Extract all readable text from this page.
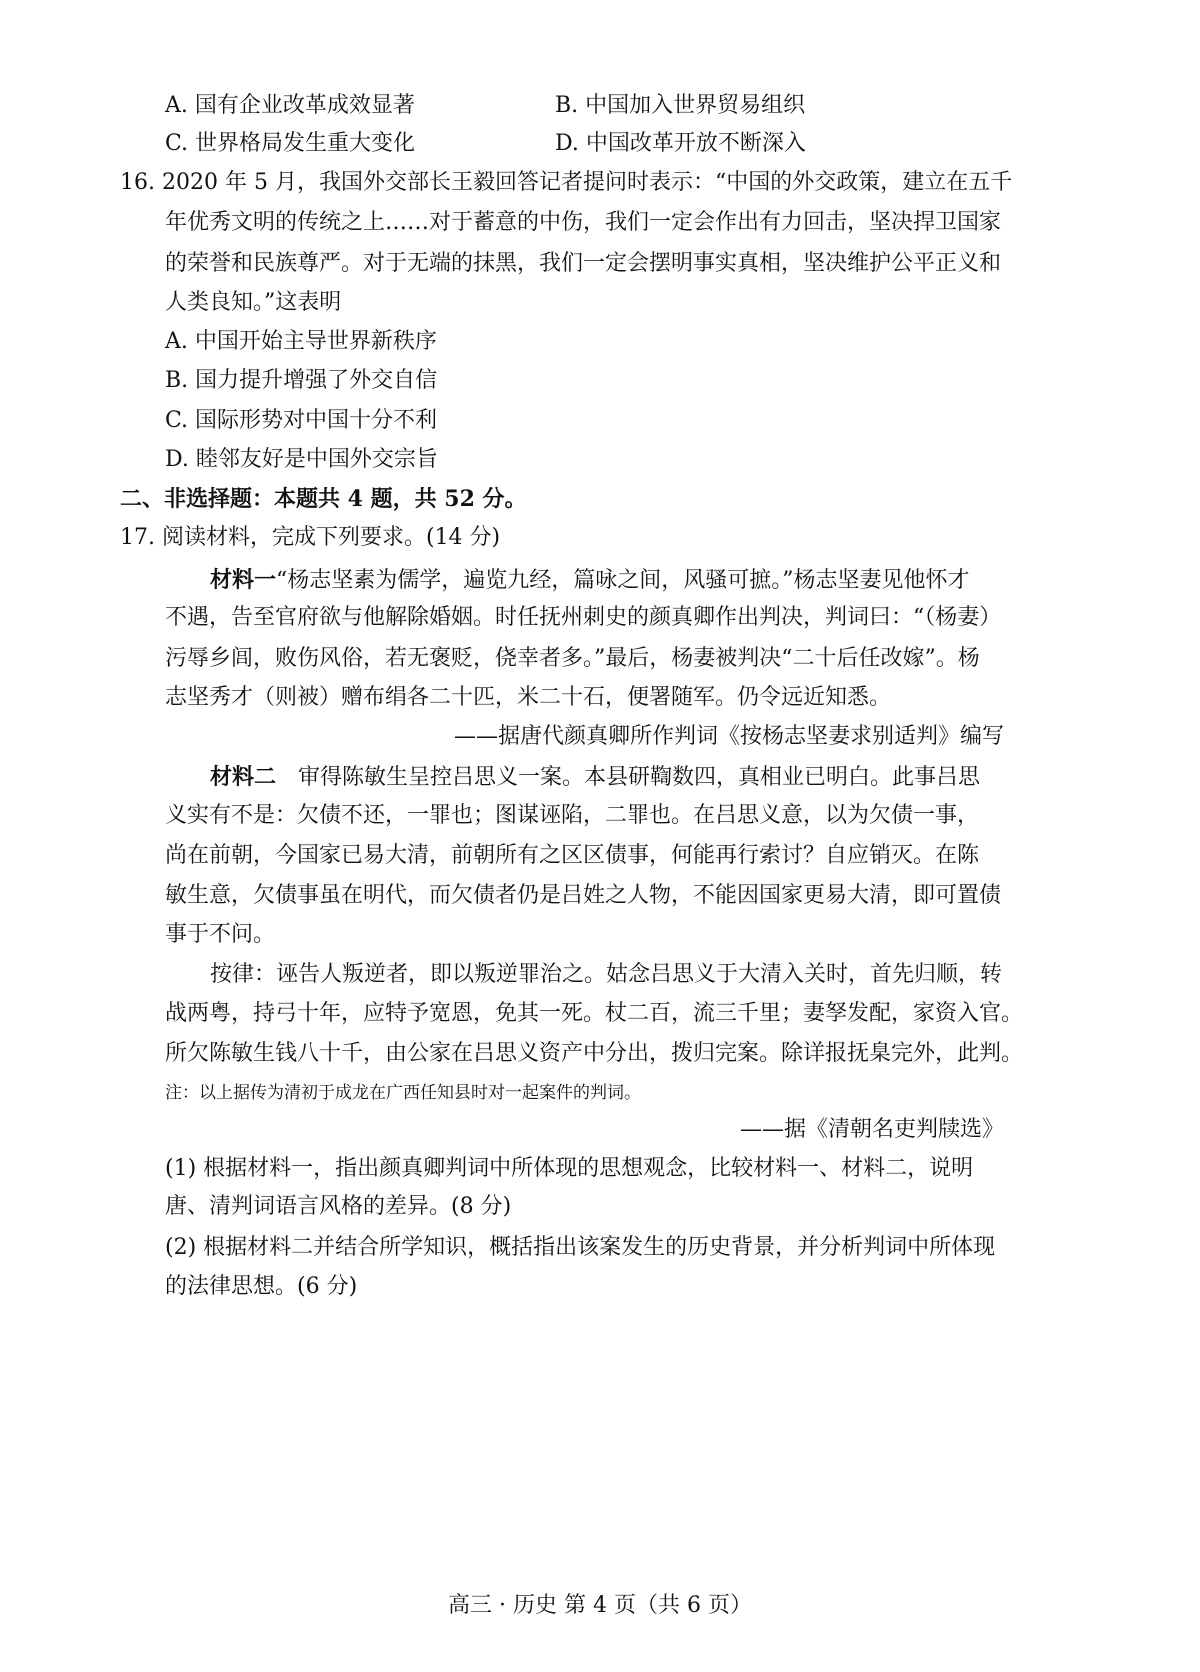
A. 国有企业改革成效显著	B. 中国加入世界贸易组织
C. 世界格局发生重大变化	D. 中国改革开放不断深入
16. 2020 年 5 月，我国外交部长王毅回答记者提问时表示：“中国的外交政策，建立在五千
年优秀文明的传统之上……对于蓄意的中伤，我们一定会作出有力回击，坚决捍卫国家
的荣誉和民族尊严。对于无端的抹黑，我们一定会摆明事实真相，坚决维护公平正义和
人类良知。”这表明
A. 中国开始主导世界新秩序
B. 国力提升增强了外交自信
C. 国际形势对中国十分不利
D. 睦邻友好是中国外交宗旨
二、非选择题：本题共 4 题，共 52 分。
17. 阅读材料，完成下列要求。(14 分)
材料一“杨志坚素为儒学，遍览九经，篇咏之间，风骚可摭。”杨志坚妻见他怀才
不遇，告至官府欲与他解除婚姻。时任抚州刺史的颜真卿作出判决，判词曰：“（杨妻）
污辱乡闾，败伤风俗，若无褒贬，侥幸者多。”最后，杨妻被判决“二十后任改嫁”。杨
志坚秀才（则被）赠布绢各二十匹，米二十石，便署随军。仍令远近知悉。
——据唐代颜真卿所作判词《按杨志坚妻求别适判》编写
材料二 审得陈敏生呈控吕思义一案。本县研鞫数四，真相业已明白。此事吕思
义实有不是：欠债不还，一罪也；图谋诬陷，二罪也。在吕思义意，以为欠债一事，
尚在前朝，今国家已易大清，前朝所有之区区债事，何能再行索讨？自应销灭。在陈
敏生意，欠债事虽在明代，而欠债者仍是吕姓之人物，不能因国家更易大清，即可置债
事于不问。
按律：诬告人叛逆者，即以叛逆罪治之。姑念吕思义于大清入关时，首先归顺，转
战两粤，持弓十年，应特予宽恩，免其一死。杖二百，流三千里；妻孥发配，家资入官。
所欠陈敏生钱八十千，由公家在吕思义资产中分出，拨归完案。除详报抚臬完外，此判。
注：以上据传为清初于成龙在广西任知县时对一起案件的判词。
——据《清朝名吏判牍选》
(1) 根据材料一，指出颜真卿判词中所体现的思想观念，比较材料一、材料二，说明
唐、清判词语言风格的差异。(8 分)
(2) 根据材料二并结合所学知识，概括指出该案发生的历史背景，并分析判词中所体现
的法律思想。(6 分)
高三 · 历史 第 4 页（共 6 页）
